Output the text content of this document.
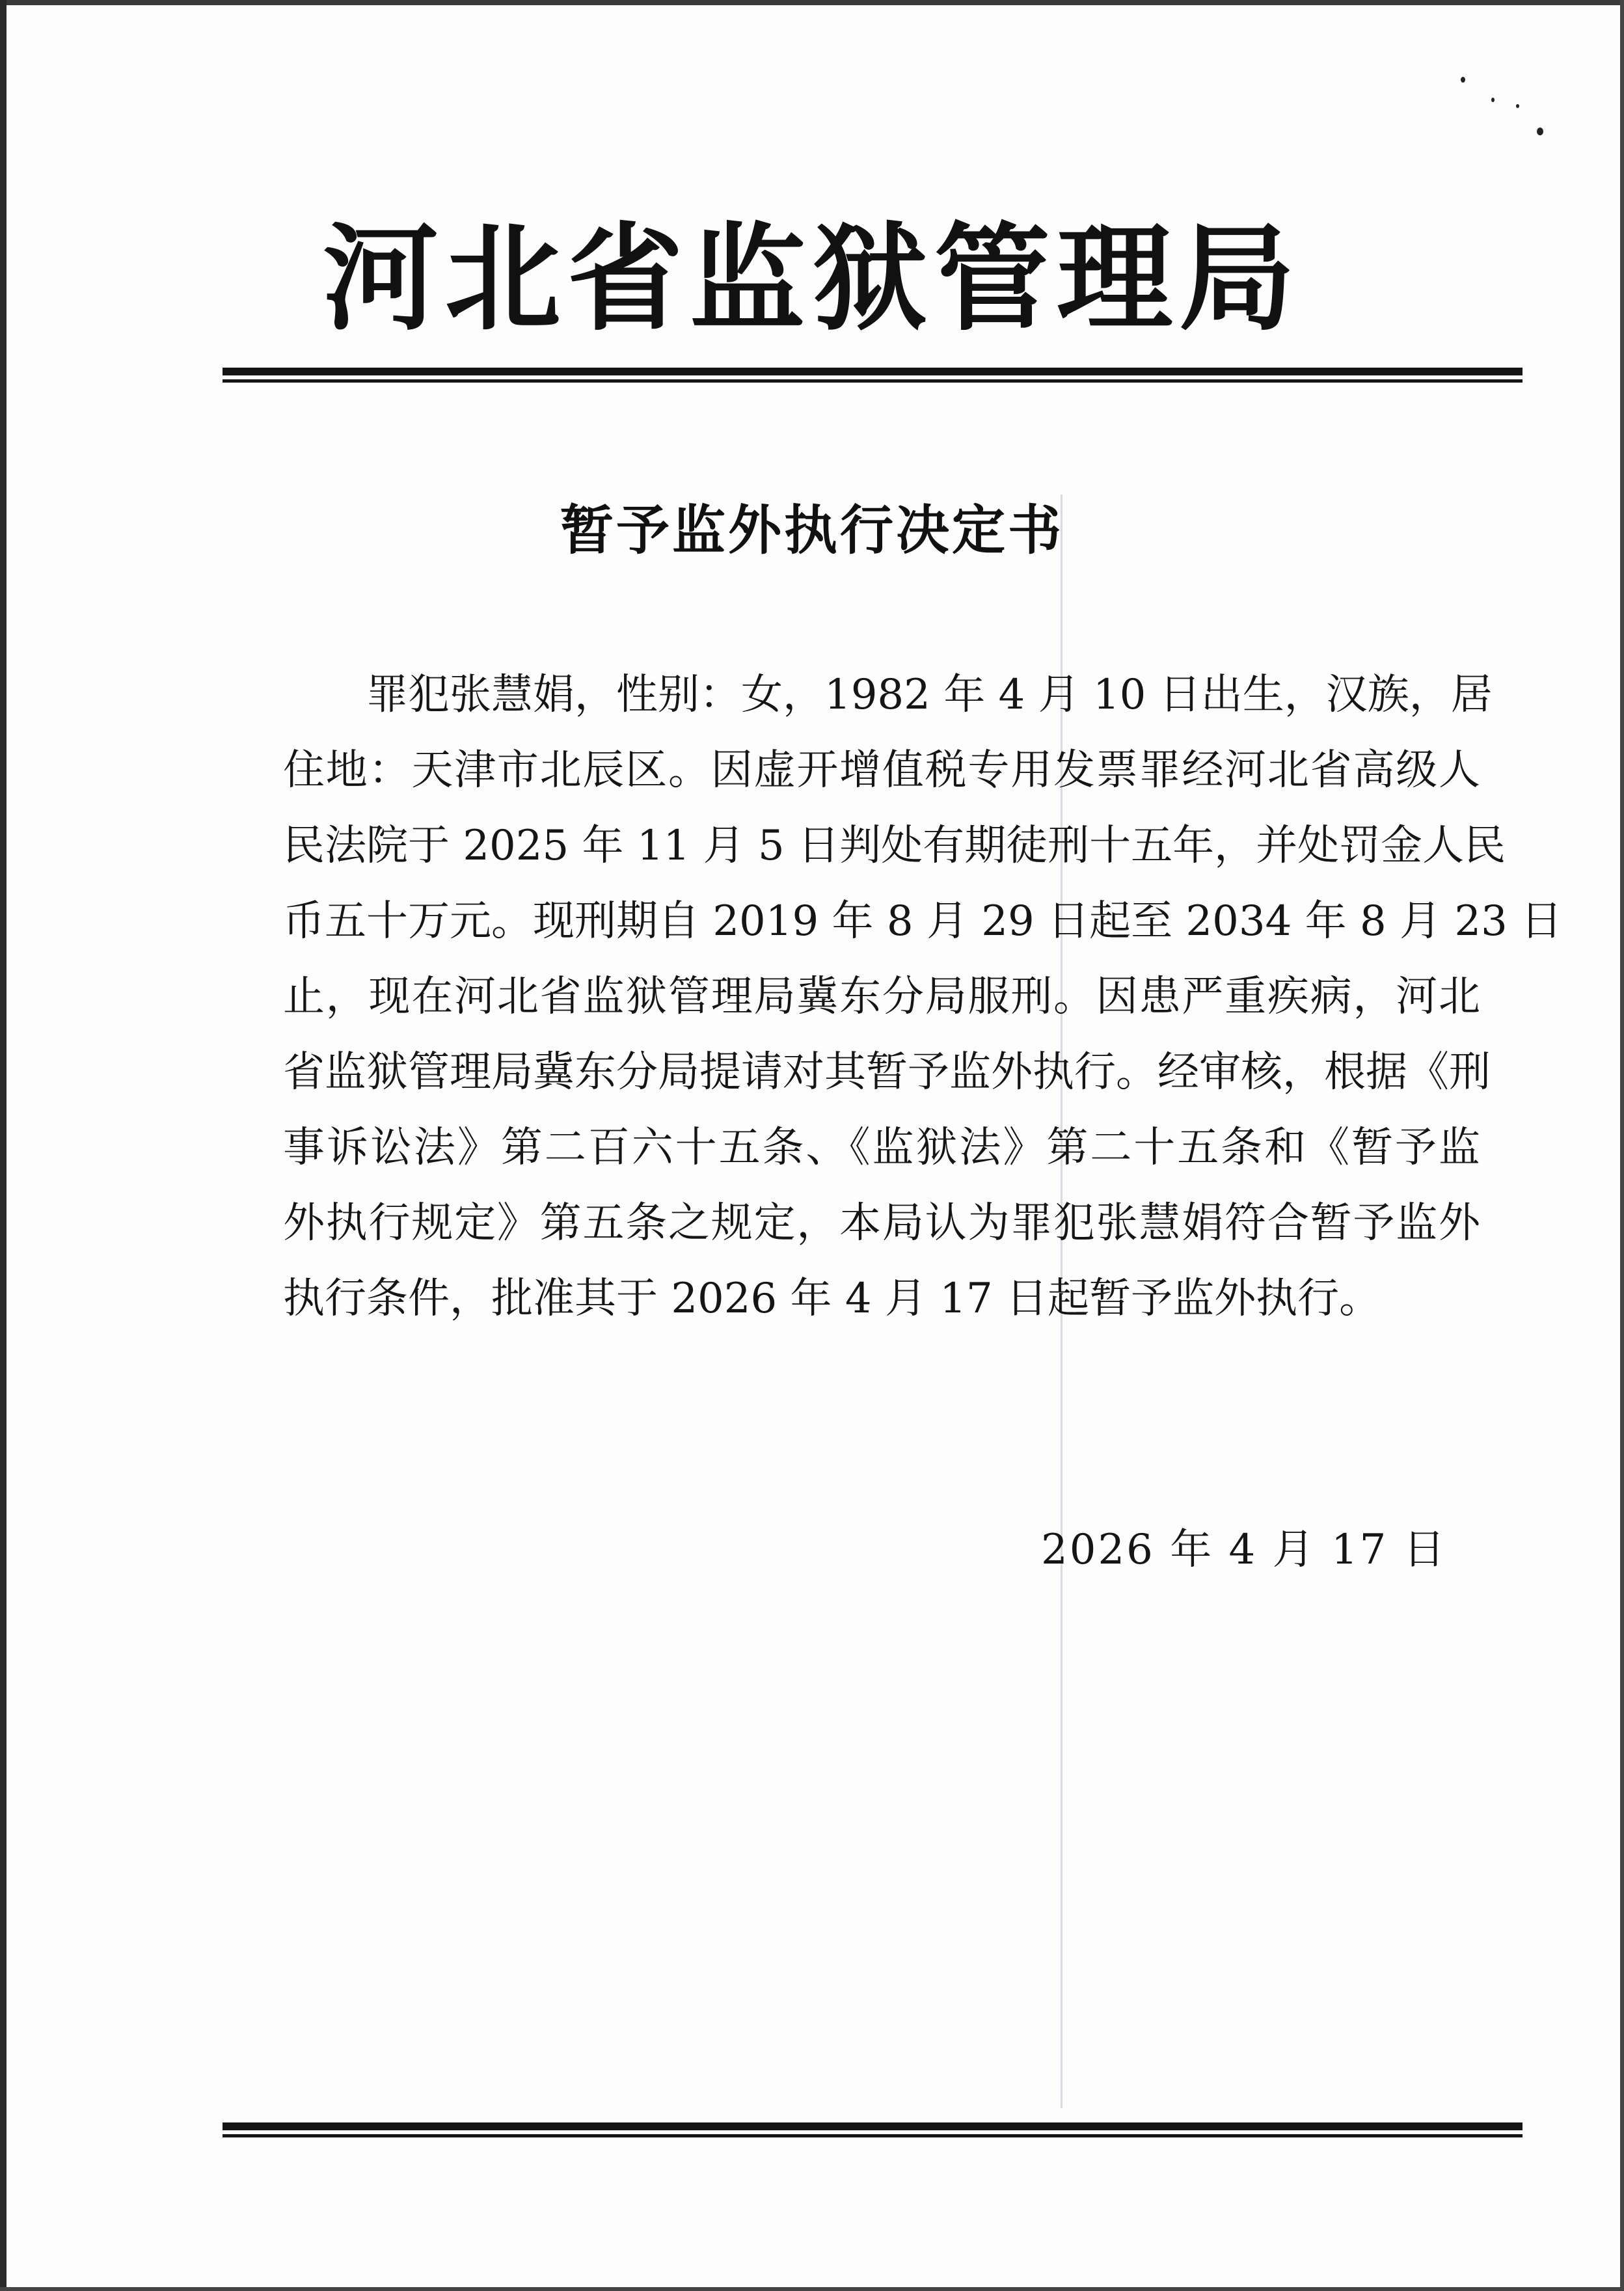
河北省监狱管理局
暂予监外执行决定书
罪犯张慧娟，性别：女，1982 年 4 月 10 日出生，汉族，居
住地：天津市北辰区。因虚开增值税专用发票罪经河北省高级人
民法院于 2025 年 11 月 5 日判处有期徒刑十五年，并处罚金人民
币五十万元。现刑期自 2019 年 8 月 29 日起至 2034 年 8 月 23 日
止，现在河北省监狱管理局冀东分局服刑。因患严重疾病，河北
省监狱管理局冀东分局提请对其暂予监外执行。经审核，根据《刑
事诉讼法》第二百六十五条、《监狱法》第二十五条和《暂予监
外执行规定》第五条之规定，本局认为罪犯张慧娟符合暂予监外
执行条件，批准其于 2026 年 4 月 17 日起暂予监外执行。
2026 年 4 月 17 日
